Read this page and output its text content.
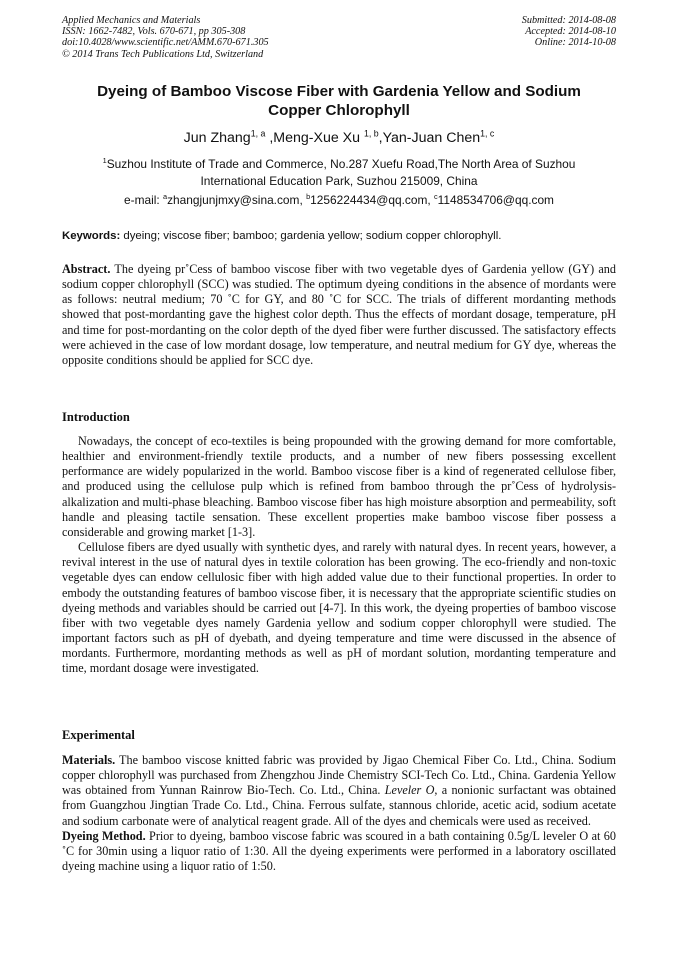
Applied Mechanics and Materials
ISSN: 1662-7482, Vols. 670-671, pp 305-308
doi:10.4028/www.scientific.net/AMM.670-671.305
© 2014 Trans Tech Publications Ltd, Switzerland
Submitted: 2014-08-08
Accepted: 2014-08-10
Online: 2014-10-08
Dyeing of Bamboo Viscose Fiber with Gardenia Yellow and Sodium
Copper Chlorophyll
Jun Zhang$^{1, a}$ ,Meng-Xue Xu $^{1, b}$,Yan-Juan Chen$^{1, c}$
$^1$Suzhou Institute of Trade and Commerce, No.287 Xuefu Road,The North Area of Suzhou
International Education Park, Suzhou 215009, China
e-mail: $^a$zhangjunjmxy@sina.com, $^b$1256224434@qq.com, $^c$1148534706@qq.com
Keywords: dyeing; viscose fiber; bamboo; gardenia yellow; sodium copper chlorophyll.
Abstract. The dyeing pr˚Cess of bamboo viscose fiber with two vegetable dyes of Gardenia yellow (GY) and sodium copper chlorophyll (SCC) was studied. The optimum dyeing conditions in the absence of mordants were as follows: neutral medium; 70 ˚C for GY, and 80 ˚C for SCC. The trials of different mordanting methods showed that post-mordanting gave the highest color depth. Thus the effects of mordant dosage, temperature, pH and time for post-mordanting on the color depth of the dyed fiber were further discussed. The satisfactory effects were achieved in the case of low mordant dosage, low temperature, and neutral medium for GY dye, whereas the opposite conditions should be applied for SCC dye.
Introduction

Nowadays, the concept of eco-textiles is being propounded with the growing demand for more comfortable, healthier and environment-friendly textile products, and a number of new fibers possessing excellent performance are widely popularized in the world. Bamboo viscose fiber is a kind of regenerated cellulose fiber, and produced using the cellulose pulp which is refined from bamboo through the pr˚Cess of hydrolysis-alkalization and multi-phase bleaching. Bamboo viscose fiber has high moisture absorption and permeability, soft handle and pleasing tactile sensation. These excellent properties make bamboo viscose fiber possess a considerable and growing market [1-3].

Cellulose fibers are dyed usually with synthetic dyes, and rarely with natural dyes. In recent years, however, a revival interest in the use of natural dyes in textile coloration has been growing. The eco-friendly and non-toxic vegetable dyes can endow cellulosic fiber with high added value due to their functional properties. In order to embody the outstanding features of bamboo viscose fiber, it is necessary that the appropriate scientific studies on dyeing methods and variables should be carried out [4-7]. In this work, the dyeing properties of bamboo viscose fiber with two vegetable dyes namely Gardenia yellow and sodium copper chlorophyll were studied. The important factors such as pH of dyebath, and dyeing temperature and time were discussed in the absence of mordants. Furthermore, mordanting methods as well as pH of mordant solution, mordanting temperature and time, mordant dosage were investigated.

Experimental

Materials. The bamboo viscose knitted fabric was provided by Jigao Chemical Fiber Co. Ltd., China. Sodium copper chlorophyll was purchased from Zhengzhou Jinde Chemistry SCI-Tech Co. Ltd., China. Gardenia Yellow was obtained from Yunnan Rainrow Bio-Tech. Co. Ltd., China. Leveler O, a nonionic surfactant was obtained from Guangzhou Jingtian Trade Co. Ltd., China. Ferrous sulfate, stannous chloride, acetic acid, sodium acetate and sodium carbonate were of analytical reagent grade. All of the dyes and chemicals were used as received.

Dyeing Method. Prior to dyeing, bamboo viscose fabric was scoured in a bath containing 0.5g/L leveler O at 60 ˚C for 30min using a liquor ratio of 1:30. All the dyeing experiments were performed in a laboratory oscillated dyeing machine using a liquor ratio of 1:50.
